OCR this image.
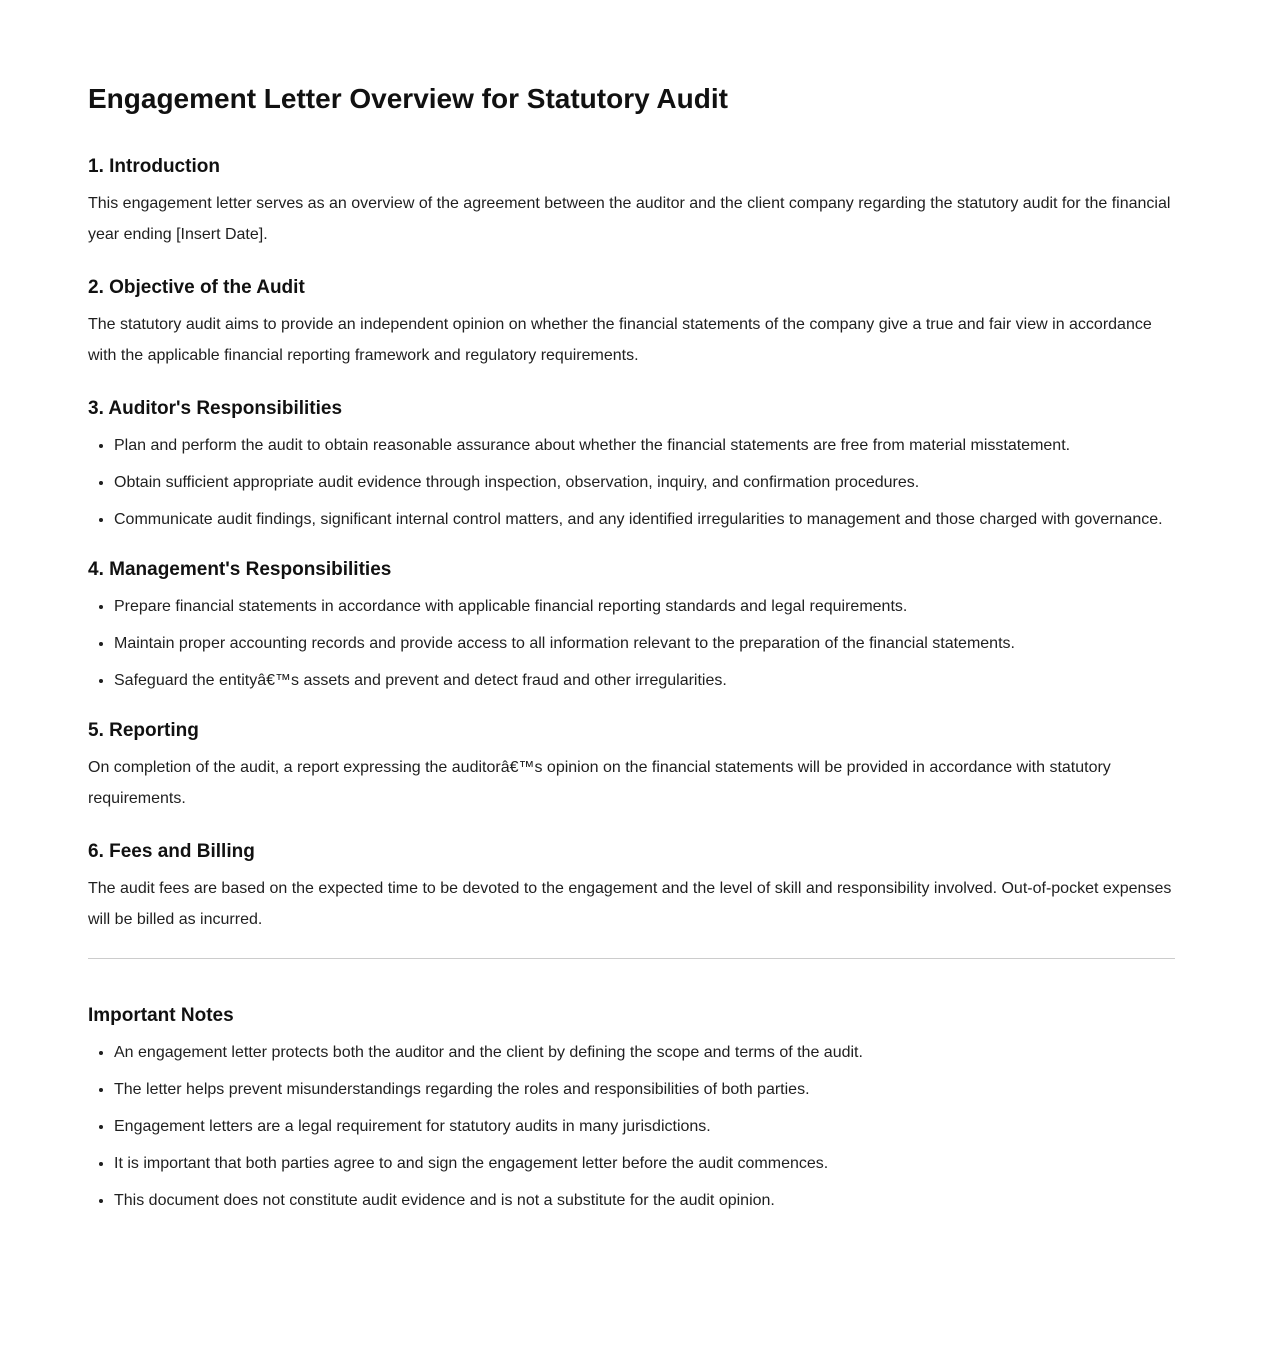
Engagement Letter Overview for Statutory Audit
1. Introduction

This engagement letter serves as an overview of the agreement between the auditor and the client company regarding the statutory audit for the financial year ending [Insert Date].

2. Objective of the Audit

The statutory audit aims to provide an independent opinion on whether the financial statements of the company give a true and fair view in accordance with the applicable financial reporting framework and regulatory requirements.

3. Auditor's Responsibilities
• Plan and perform the audit to obtain reasonable assurance about whether the financial statements are free from material misstatement.
• Obtain sufficient appropriate audit evidence through inspection, observation, inquiry, and confirmation procedures.
• Communicate audit findings, significant internal control matters, and any identified irregularities to management and those charged with governance.
4. Management's Responsibilities
• Prepare financial statements in accordance with applicable financial reporting standards and legal requirements.
• Maintain proper accounting records and provide access to all information relevant to the preparation of the financial statements.
• Safeguard the entityâ€™s assets and prevent and detect fraud and other irregularities.
5. Reporting

On completion of the audit, a report expressing the auditorâ€™s opinion on the financial statements will be provided in accordance with statutory requirements.

6. Fees and Billing

The audit fees are based on the expected time to be devoted to the engagement and the level of skill and responsibility involved. Out-of-pocket expenses will be billed as incurred.

Important Notes
• An engagement letter protects both the auditor and the client by defining the scope and terms of the audit.
• The letter helps prevent misunderstandings regarding the roles and responsibilities of both parties.
• Engagement letters are a legal requirement for statutory audits in many jurisdictions.
• It is important that both parties agree to and sign the engagement letter before the audit commences.
• This document does not constitute audit evidence and is not a substitute for the audit opinion.
